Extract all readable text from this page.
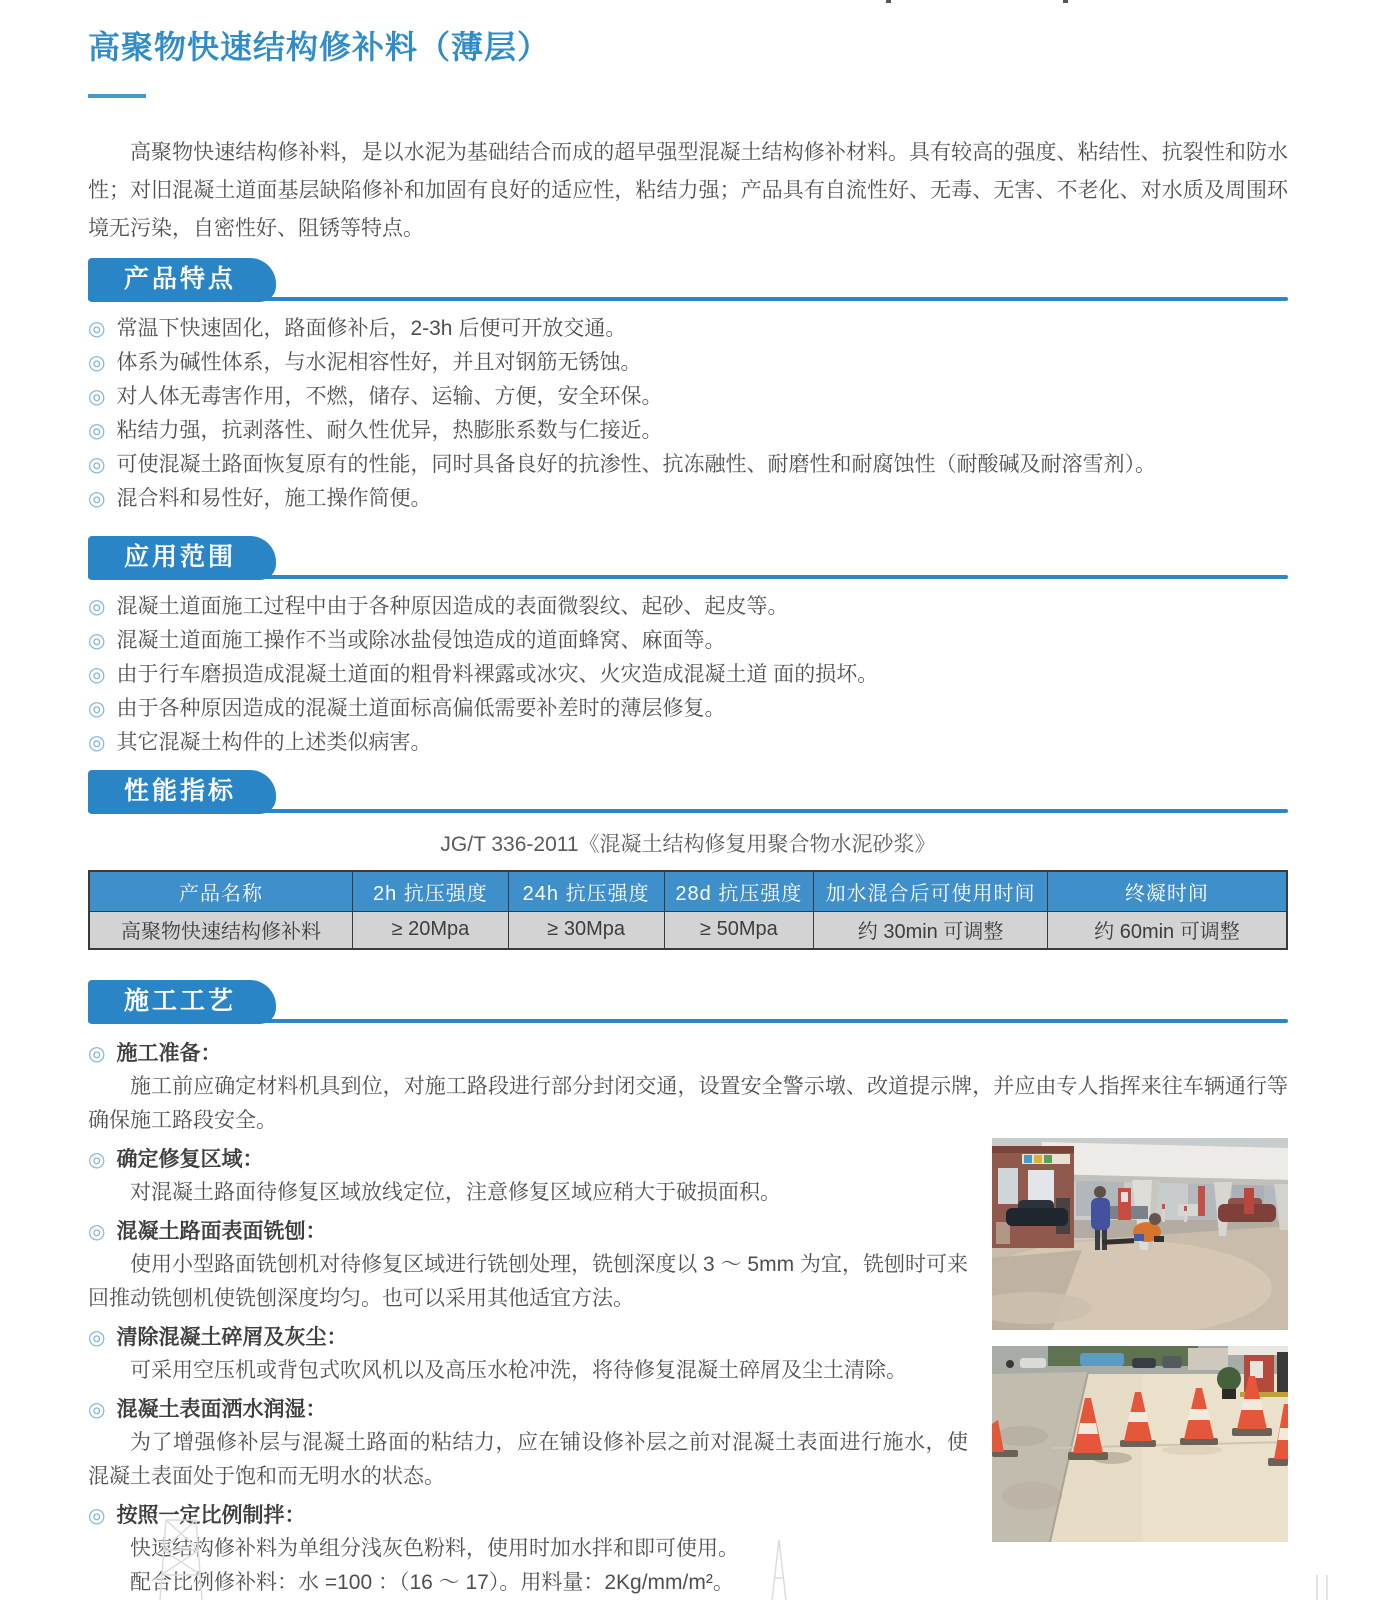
高聚物快速结构修补料（薄层）

高聚物快速结构修补料，是以水泥为基础结合而成的超早强型混凝土结构修补材料。具有较高的强度、粘结性、抗裂性和防水性；对旧混凝土道面基层缺陷修补和加固有良好的适应性，粘结力强；产品具有自流性好、无毒、无害、不老化、对水质及周围环境无污染，自密性好、阻锈等特点。

产品特点
◎ 常温下快速固化，路面修补后，2-3h 后便可开放交通。
◎ 体系为碱性体系，与水泥相容性好，并且对钢筋无锈蚀。
◎ 对人体无毒害作用，不燃，储存、运输、方便，安全环保。
◎ 粘结力强，抗剥落性、耐久性优异，热膨胀系数与仁接近。
◎ 可使混凝土路面恢复原有的性能，同时具备良好的抗渗性、抗冻融性、耐磨性和耐腐蚀性（耐酸碱及耐溶雪剂）。
◎ 混合料和易性好，施工操作简便。
应用范围
◎ 混凝土道面施工过程中由于各种原因造成的表面微裂纹、起砂、起皮等。
◎ 混凝土道面施工操作不当或除冰盐侵蚀造成的道面蜂窝、麻面等。
◎ 由于行车磨损造成混凝土道面的粗骨料裸露或冰灾、火灾造成混凝土道 面的损坏。
◎ 由于各种原因造成的混凝土道面标高偏低需要补差时的薄层修复。
◎ 其它混凝土构件的上述类似病害。
性能指标

JG/T 336-2011《混凝土结构修复用聚合物水泥砂浆》

产品名称	2h 抗压强度	24h 抗压强度	28d 抗压强度	加水混合后可使用时间	终凝时间
高聚物快速结构修补料	≥ 20Mpa	≥ 30Mpa	≥ 50Mpa	约 30min 可调整	约 60min 可调整
施工工艺
◎ 施工准备：

施工前应确定材料机具到位，对施工路段进行部分封闭交通，设置安全警示墩、改道提示牌，并应由专人指挥来往车辆通行等确保施工路段安全。

◎ 确定修复区域：

对混凝土路面待修复区域放线定位，注意修复区域应稍大于破损面积。

◎ 混凝土路面表面铣刨：

使用小型路面铣刨机对待修复区域进行铣刨处理，铣刨深度以 3 ～ 5mm 为宜，铣刨时可来回推动铣刨机使铣刨深度均匀。也可以采用其他适宜方法。

◎ 清除混凝土碎屑及灰尘：

可采用空压机或背包式吹风机以及高压水枪冲洗，将待修复混凝土碎屑及尘土清除。

◎ 混凝土表面洒水润湿：

为了增强修补层与混凝土路面的粘结力，应在铺设修补层之前对混凝土表面进行施水，使混凝土表面处于饱和而无明水的状态。

◎ 按照一定比例制拌：

快速结构修补料为单组分浅灰色粉料，使用时加水拌和即可使用。

配合比例修补料：水 =100 ：（16 ～ 17）。用料量：2Kg/mm/m²。
